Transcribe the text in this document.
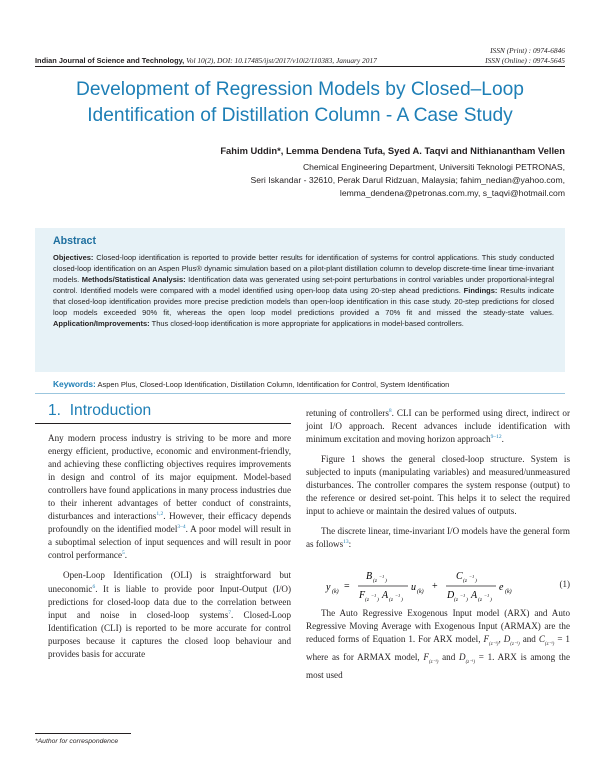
Indian Journal of Science and Technology, Vol 10(2), DOI: 10.17485/ijst/2017/v10i2/110383, January 2017
ISSN (Print) : 0974-6846
ISSN (Online) : 0974-5645
Development of Regression Models by Closed–Loop
Identification of Distillation Column - A Case Study
Fahim Uddin*, Lemma Dendena Tufa, Syed A. Taqvi and Nithianantham Vellen
Chemical Engineering Department, Universiti Teknologi PETRONAS,
Seri Iskandar - 32610, Perak Darul Ridzuan, Malaysia; fahim_nedian@yahoo.com,
lemma_dendena@petronas.com.my, s_taqvi@hotmail.com
Abstract
Objectives: Closed-loop identification is reported to provide better results for identification of systems for control applications. This study conducted closed-loop identification on an Aspen Plus® dynamic simulation based on a pilot-plant distillation column to develop discrete-time linear time-invariant models. Methods/Statistical Analysis: Identification data was generated using set-point perturbations in control variables under proportional-integral control. Identified models were compared with a model identified using open-loop data using 20-step ahead predictions. Findings: Results indicate that closed-loop identification provides more precise prediction models than open-loop identification in this case study. 20-step predictions for closed loop models exceeded 90% fit, whereas the open loop model predictions provided a 70% fit and missed the steady-state values. Application/Improvements: Thus closed-loop identification is more appropriate for applications in model-based controllers.
Keywords: Aspen Plus, Closed-Loop Identification, Distillation Column, Identification for Control, System Identification
1. Introduction

Any modern process industry is striving to be more and more energy efficient, productive, economic and environment-friendly, and achieving these conflicting objectives requires improvements in design and control of its major equipment. Model-based controllers have found applications in many process industries due to their inherent advantages of better conduct of constraints, disturbances and interactions$^{1,2}$. However, their efficacy depends profoundly on the identified model$^{3-4}$. A poor model will result in a suboptimal selection of input sequences and will result in poor control performance$^5$.

Open-Loop Identification (OLI) is straightforward but uneconomic$^6$. It is liable to provide poor Input-Output (I/O) predictions for closed-loop data due to the correlation between input and noise in closed-loop systems$^7$. Closed-Loop Identification (CLI) is reported to be more accurate for control purposes because it captures the closed loop behaviour and provides basis for accurate

retuning of controllers$^8$. CLI can be performed using direct, indirect or joint I/O approach. Recent advances include identification with minimum excitation and moving horizon approach$^{9-12}$.

Figure 1 shows the general closed-loop structure. System is subjected to inputs (manipulating variables) and measured/unmeasured disturbances. The controller compares the system response (output) to the reference or desired set-point. This helps it to select the required input to achieve or maintain the desired values of outputs.

The discrete linear, time-invariant I/O models have the general form as follows$^{13}$:

y (k) =
B (z
−1
)
F (z
−1
) A (z
−1
)
u (k) +
C (z
−1
)
D (z
−1
) A (z
−1
)
e (k)
(1)

The Auto Regressive Exogenous Input model (ARX) and Auto Regressive Moving Average with Exogenous Input (ARMAX) are the reduced forms of Equation 1. For ARX model, $F_{(z^{-1})}$, $D_{(z^{-1})}$ and $C_{(z^{-1})} = 1$ where as for ARMAX model, $F_{(z^{-1})}$ and $D_{(z^{-1})} = 1$. ARX is among the most used

*Author for correspondence
